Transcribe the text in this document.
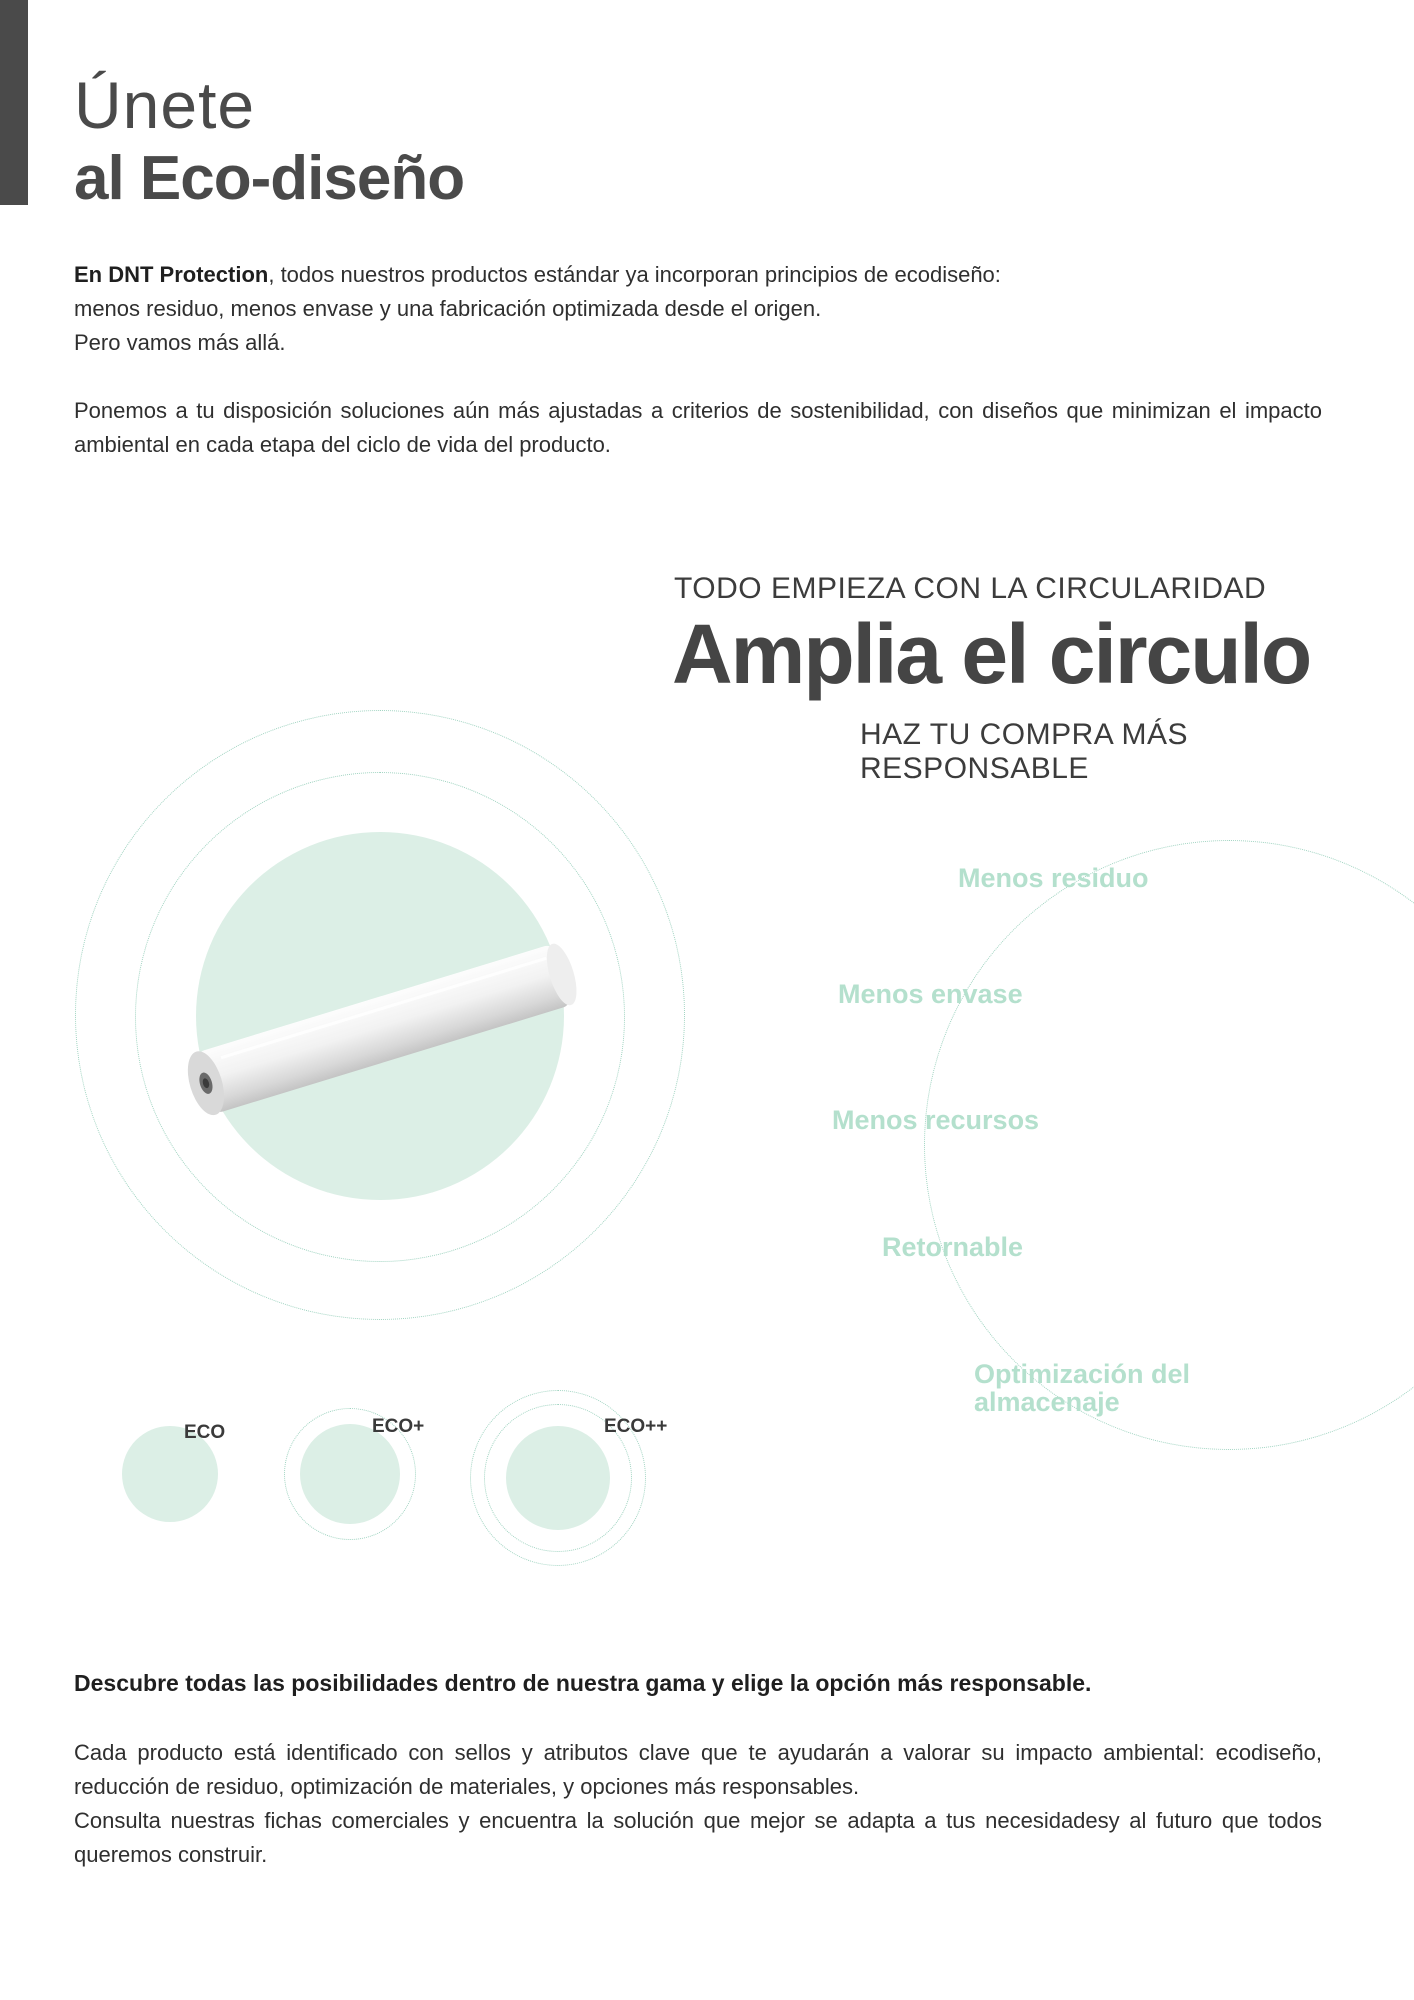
Únete
al Eco-diseño

En DNT Protection, todos nuestros productos estándar ya incorporan principios de ecodiseño:

menos residuo, menos envase y una fabricación optimizada desde el origen.

Pero vamos más allá.

Ponemos a tu disposición soluciones aún más ajustadas a criterios de sostenibilidad, con diseños que minimizan el impacto ambiental en cada etapa del ciclo de vida del producto.

TODO EMPIEZA CON LA CIRCULARIDAD
Amplia el circulo
HAZ TU COMPRA MÁS RESPONSABLE
Menos residuo
Menos envase
Menos recursos
Retornable
Optimización del almacenaje
ECO	ECO+	ECO++
Descubre todas las posibilidades dentro de nuestra gama y elige la opción más responsable.

Cada producto está identificado con sellos y atributos clave que te ayudarán a valorar su impacto ambiental: ecodiseño, reducción de residuo, optimización de materiales, y opciones más responsables.

Consulta nuestras fichas comerciales y encuentra la solución que mejor se adapta a tus necesidadesy al futuro que todos queremos construir.
